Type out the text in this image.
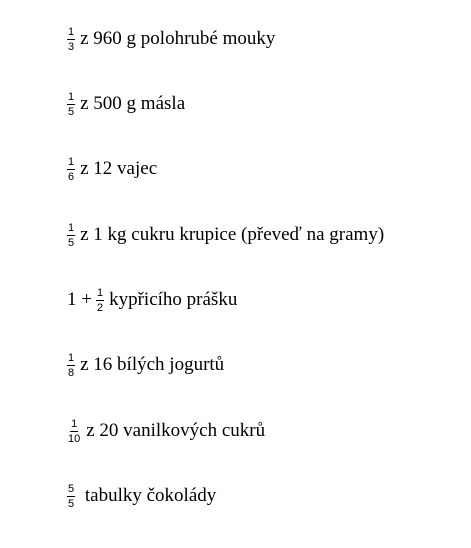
$\frac{1}{3}$ z 960 g polohrubé mouky
$\frac{1}{5}$ z 500 g másla
$\frac{1}{6}$ z 12 vajec
$\frac{1}{5}$ z 1 kg cukru krupice (převeď na gramy)
$1 + \frac{1}{2}$ kypřicího prášku
$\frac{1}{8}$ z 16 bílých jogurtů
$\frac{1}{10}$ z 20 vanilkových cukrů
$\frac{5}{5}$ tabulky čokolády
